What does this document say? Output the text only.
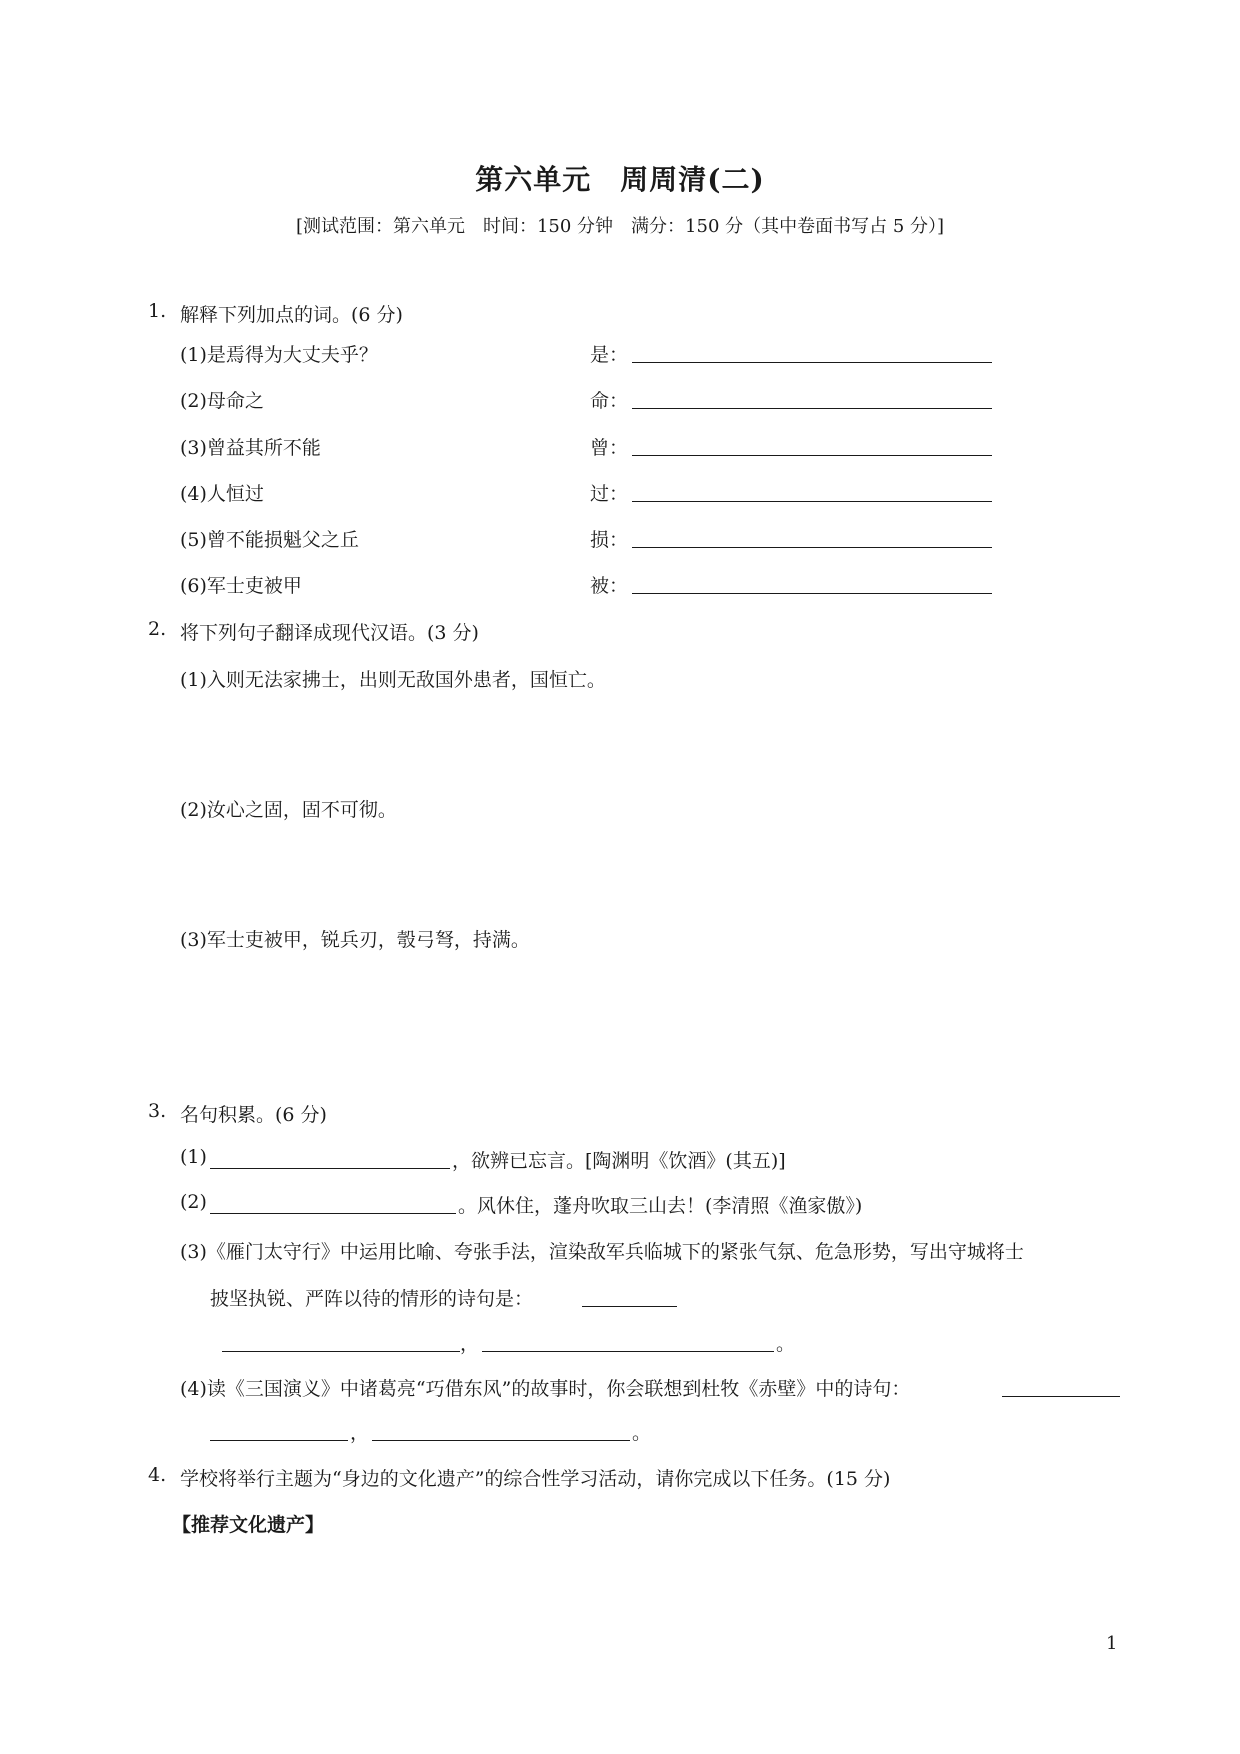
第六单元　周周清(二)
[测试范围：第六单元　时间：150 分钟　满分：150 分（其中卷面书写占 5 分）]
1. 解释下列加点的词。(6 分)
(1)是焉得为大丈夫乎？	是：
(2)母命之	命：
(3)曾益其所不能	曾：
(4)人恒过	过：
(5)曾不能损魁父之丘	损：
(6)军士吏被甲	被：
2. 将下列句子翻译成现代汉语。(3 分)
(1)入则无法家拂士，出则无敌国外患者，国恒亡。
(2)汝心之固，固不可彻。
(3)军士吏被甲，锐兵刃，彀弓弩，持满。
3. 名句积累。(6 分)
(1)	，欲辨已忘言。[陶渊明《饮酒》(其五)]
(2)	。风休住，蓬舟吹取三山去！(李清照《渔家傲》)
(3)《雁门太守行》中运用比喻、夸张手法，渲染敌军兵临城下的紧张气氛、危急形势，写出守城将士
披坚执锐、严阵以待的情形的诗句是：
，	。
(4)读《三国演义》中诸葛亮“巧借东风”的故事时，你会联想到杜牧《赤壁》中的诗句：
，	。
4. 学校将举行主题为“身边的文化遗产”的综合性学习活动，请你完成以下任务。(15 分)
【推荐文化遗产】
1
